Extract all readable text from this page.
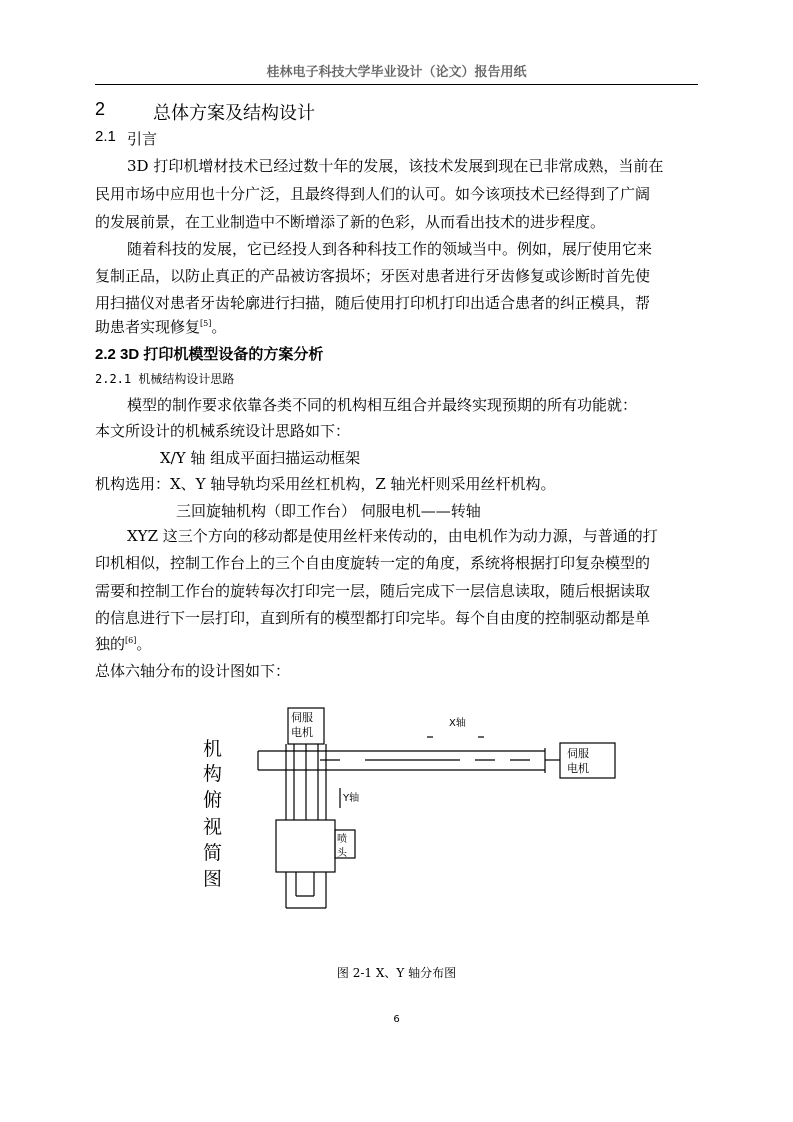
桂林电子科技大学毕业设计（论文）报告用纸
2	总体方案及结构设计
2.1 引言
3D 打印机增材技术已经过数十年的发展，该技术发展到现在已非常成熟，当前在
民用市场中应用也十分广泛，且最终得到人们的认可。如今该项技术已经得到了广阔
的发展前景，在工业制造中不断增添了新的色彩，从而看出技术的进步程度。
随着科技的发展，它已经投人到各种科技工作的领域当中。例如，展厅使用它来
复制正品，以防止真正的产品被访客损坏；牙医对患者进行牙齿修复或诊断时首先使
用扫描仪对患者牙齿轮廓进行扫描，随后使用打印机打印出适合患者的纠正模具，帮
助患者实现修复[5]。
2.2 3D 打印机模型设备的方案分析
2.2.1 机械结构设计思路
模型的制作要求依靠各类不同的机构相互组合并最终实现预期的所有功能就：
本文所设计的机械系统设计思路如下：
X/Y 轴 组成平面扫描运动框架
机构选用：X、Y 轴导轨均采用丝杠机构，Z 轴光杆则采用丝杆机构。
三回旋轴机构（即工作台） 伺服电机——转轴
XYZ 这三个方向的移动都是使用丝杆来传动的，由电机作为动力源，与普通的打
印机相似，控制工作台上的三个自由度旋转一定的角度，系统将根据打印复杂模型的
需要和控制工作台的旋转每次打印完一层，随后完成下一层信息读取，随后根据读取
的信息进行下一层打印，直到所有的模型都打印完毕。每个自由度的控制驱动都是单
独的[6]。
总体六轴分布的设计图如下：
机
构
俯
视
简
图
伺服
电机
伺服
电机
X轴
Y轴
喷
头
图 2-1 X、Y 轴分布图
6
